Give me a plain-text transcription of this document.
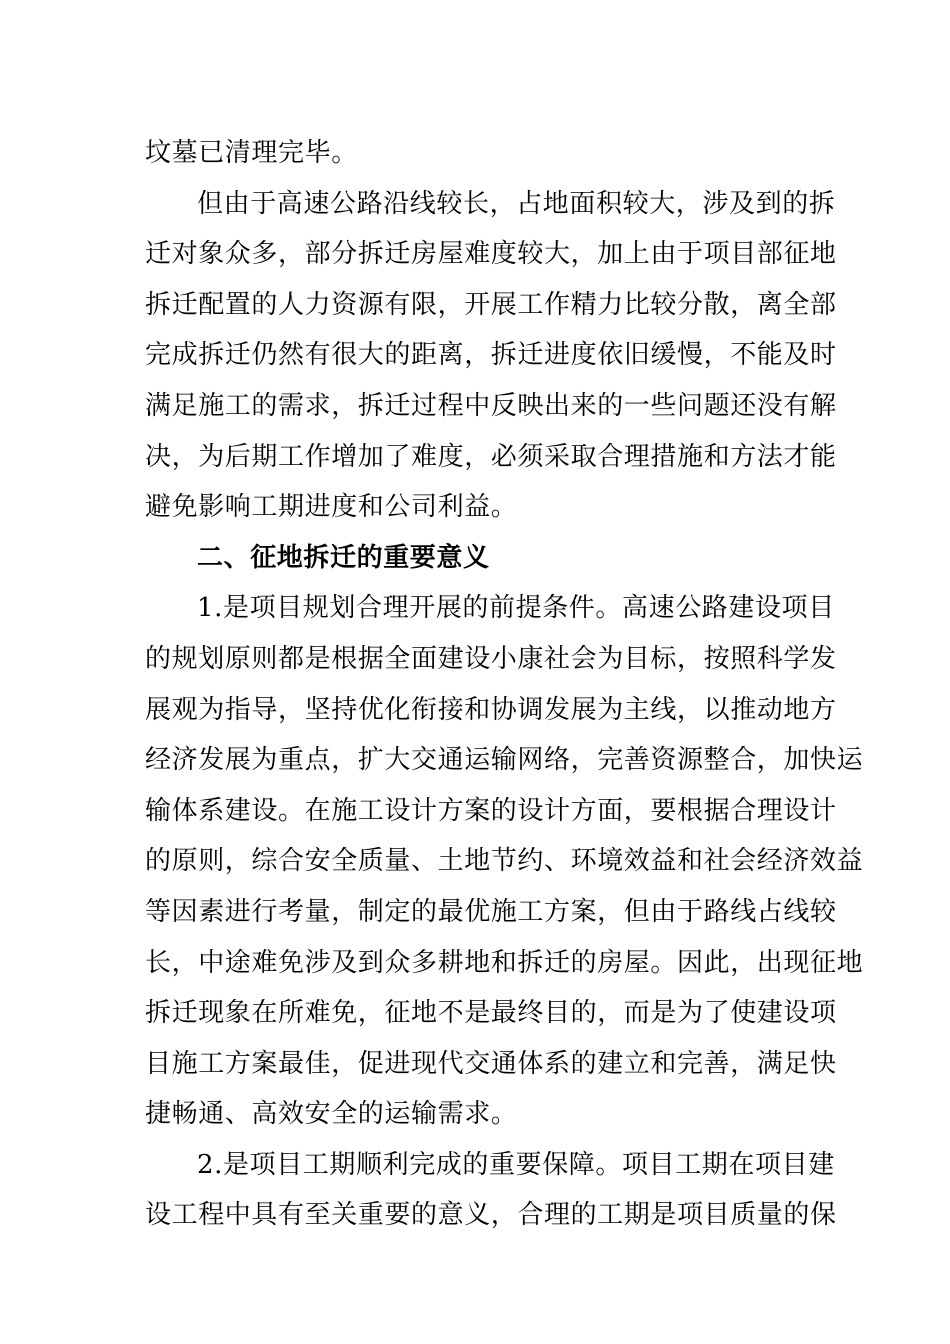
坟墓已清理完毕。
但由于高速公路沿线较长，占地面积较大，涉及到的拆
迁对象众多，部分拆迁房屋难度较大，加上由于项目部征地
拆迁配置的人力资源有限，开展工作精力比较分散，离全部
完成拆迁仍然有很大的距离，拆迁进度依旧缓慢，不能及时
满足施工的需求，拆迁过程中反映出来的一些问题还没有解
决，为后期工作增加了难度，必须采取合理措施和方法才能
避免影响工期进度和公司利益。
二、征地拆迁的重要意义
1.是项目规划合理开展的前提条件。高速公路建设项目
的规划原则都是根据全面建设小康社会为目标，按照科学发
展观为指导，坚持优化衔接和协调发展为主线，以推动地方
经济发展为重点，扩大交通运输网络，完善资源整合，加快运
输体系建设。在施工设计方案的设计方面，要根据合理设计
的原则，综合安全质量、土地节约、环境效益和社会经济效益
等因素进行考量，制定的最优施工方案，但由于路线占线较
长，中途难免涉及到众多耕地和拆迁的房屋。因此，出现征地
拆迁现象在所难免，征地不是最终目的，而是为了使建设项
目施工方案最佳，促进现代交通体系的建立和完善，满足快
捷畅通、高效安全的运输需求。
2.是项目工期顺利完成的重要保障。项目工期在项目建
设工程中具有至关重要的意义，合理的工期是项目质量的保
